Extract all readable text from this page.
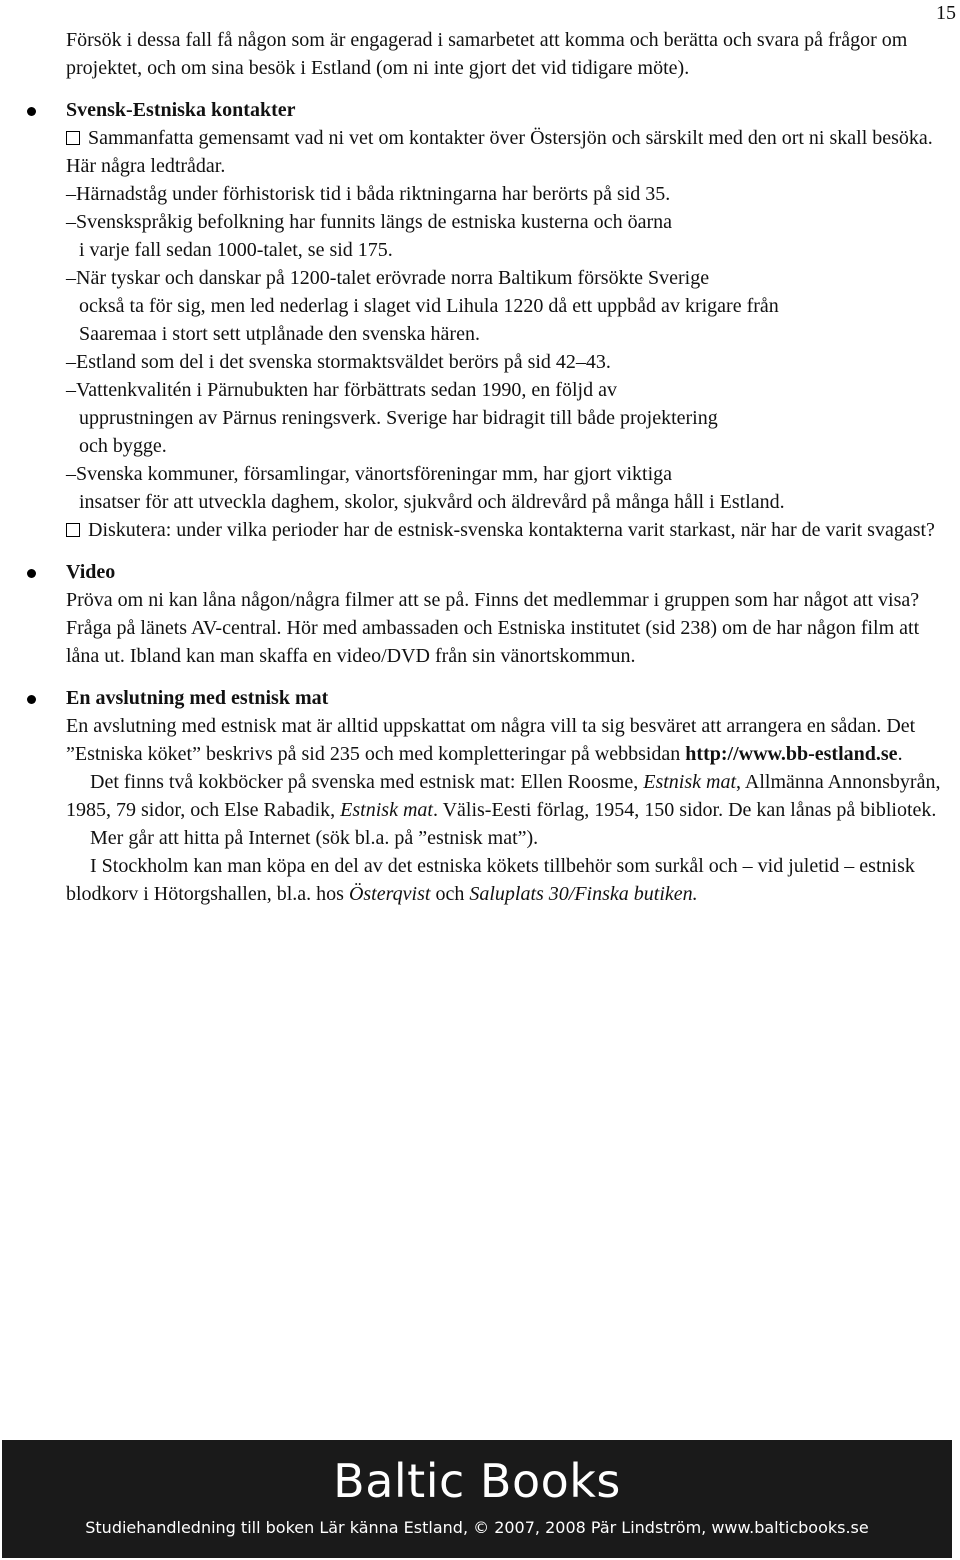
15

Försök i dessa fall få någon som är engagerad i samarbetet att komma och berätta och svara på frågor om projektet, och om sina besök i Estland (om ni inte gjort det vid tidigare möte).

Svensk-Estniska kontakter

Sammanfatta gemensamt vad ni vet om kontakter över Östersjön och särskilt med den ort ni skall besöka. Här några ledtrådar.

–Härnadståg under förhistorisk tid i båda riktningarna har berörts på sid 35.

–Svenskspråkig befolkning har funnits längs de estniska kusterna och öarna
i varje fall sedan 1000-talet, se sid 175.

–När tyskar och danskar på 1200-talet erövrade norra Baltikum försökte Sverige
också ta för sig, men led nederlag i slaget vid Lihula 1220 då ett uppbåd av krigare från Saaremaa i stort sett utplånade den svenska hären.

–Estland som del i det svenska stormaktsväldet berörs på sid 42–43.

–Vattenkvalitén i Pärnubukten har förbättrats sedan 1990, en följd av
upprustningen av Pärnus reningsverk. Sverige har bidragit till både projektering och bygge.

–Svenska kommuner, församlingar, vänortsföreningar mm, har gjort viktiga
insatser för att utveckla daghem, skolor, sjukvård och äldrevård på många håll i Estland.

Diskutera: under vilka perioder har de estnisk-svenska kontakterna varit starkast, när har de varit svagast?

Video

Pröva om ni kan låna någon/några filmer att se på. Finns det medlemmar i gruppen som har något att visa? Fråga på länets AV-central. Hör med ambassaden och Estniska institutet (sid 238) om de har någon film att låna ut. Ibland kan man skaffa en video/DVD från sin vänortskommun.

En avslutning med estnisk mat

En avslutning med estnisk mat är alltid uppskattat om några vill ta sig besväret att arrangera en sådan. Det ”Estniska köket” beskrivs på sid 235 och med kompletteringar på webbsidan http://www.bb-estland.se.

Det finns två kokböcker på svenska med estnisk mat: Ellen Roosme, Estnisk mat, Allmänna Annonsbyrån, 1985, 79 sidor, och Else Rabadik, Estnisk mat. Välis-Eesti förlag, 1954, 150 sidor. De kan lånas på bibliotek.

Mer går att hitta på Internet (sök bl.a. på ”estnisk mat”).

I Stockholm kan man köpa en del av det estniska kökets tillbehör som surkål och – vid juletid – estnisk blodkorv i Hötorgshallen, bl.a. hos Österqvist och Saluplats 30/Finska butiken.

Baltic Books
Studiehandledning till boken Lär känna Estland, © 2007, 2008 Pär Lindström, www.balticbooks.se
